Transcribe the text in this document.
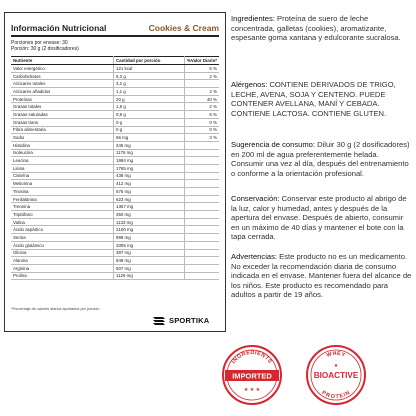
Información Nutricional	Cookies & Cream
Porciones por envase: 30
Porción: 30 g (2 dosificadores)
Nutriente	Cantidad por porción	%Valor Diario*
Valor energético	121 kcal	6 %
Carbohidratos	6,3 g	2 %
Azúcares totales	3,2 g	
Azúcares añadidos	1,1 g	2 %
Proteínas	20 g	40 %
Grasas totales	1,8 g	2 %
Grasas saturadas	0,9 g	5 %
Grasas trans	0 g	0 %
Fibra alimentaria	0 g	0 %
Sodio	66 mg	3 %
Histidina	346 mg	
Isoleucina	1176 mg	
Leucina	1994 mg	
Lisina	1765 mg	
Cisteína	438 mg	
Metionina	412 mg	
Tirosina	576 mg	
Fenilalanina	623 mg	
Treonina	1357 mg	
Triptófano	350 mg	
Valina	1133 mg	
Ácido aspártico	2100 mg	
Serina	999 mg	
Ácido glutámico	3305 mg	
Glicina	387 mg	
Alanina	948 mg	
Arginina	507 mg	
Prolina	1126 mg	
*Porcentaje de valores diarios aportados por porción
SPORTIKA
Ingredientes: Proteína de suero de leche concentrada, galletas (cookies), aromatizante, espesante goma xantana y edulcorante sucralosa.
Alérgenos: CONTIENE DERIVADOS DE TRIGO, LECHE, AVENA, SOJA Y CENTENO. PUEDE CONTENER AVELLANA, MANÍ Y CEBADA. CONTIENE LACTOSA. CONTIENE GLUTEN.
Sugerencia de consumo: Diluir 30 g (2 dosificadores) en 200 ml de agua preferentemente helada. Consumir una vez al día, después del entrenamiento o conforme a la orientación profesional.
Conservación: Conservar este producto al abrigo de la luz, calor y humedad, antes y después de la apertura del envase. Después de abierto, consumir en un máximo de 40 días y mantener el bote con la tapa cerrada.
Advertencias: Este producto no es un medicamento. No exceder la recomendación diaria de consumo indicada en el envase. Mantener fuera del alcance de los niños. Este producto es recomendado para adultos a partir de 19 años.
INGREDIENTS
IMPORTED
★ ★ ★
WHEY
BIOACTIVE
PROTEIN
★
